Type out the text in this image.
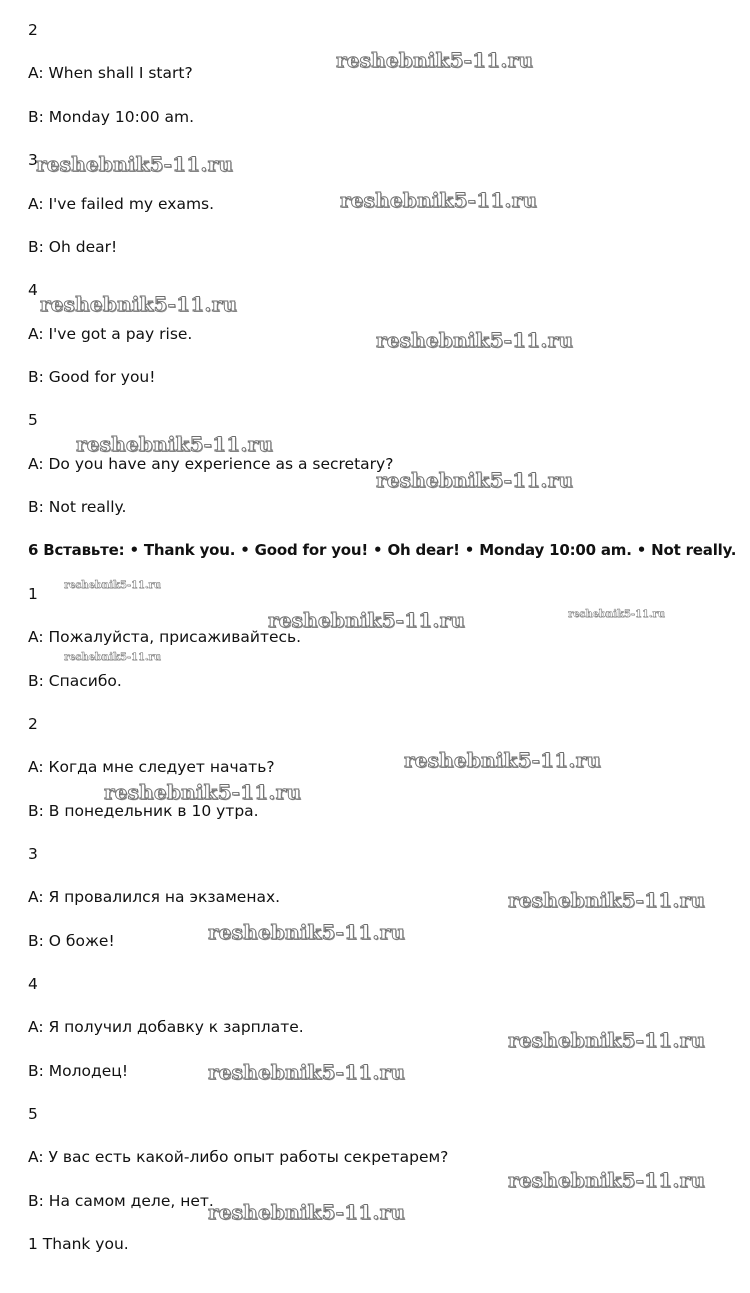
2
A: When shall I start?
B: Monday 10:00 am.
3
A: I've failed my exams.
B: Oh dear!
4
A: I've got a pay rise.
B: Good for you!
5
A: Do you have any experience as a secretary?
B: Not really.
6 Вставьте: • Thank you. • Good for you! • Oh dear! • Monday 10:00 am. • Not really.
1
A: Пожалуйста, присаживайтесь.
B: Спасибо.
2
A: Когда мне следует начать?
B: В понедельник в 10 утра.
3
A: Я провалился на экзаменах.
B: О боже!
4
A: Я получил добавку к зарплате.
B: Молодец!
5
A: У вас есть какой-либо опыт работы секретарем?
B: На самом деле, нет.
1 Thank you.
reshebnik5-11.ru
reshebnik5-11.ru
reshebnik5-11.ru
reshebnik5-11.ru
reshebnik5-11.ru
reshebnik5-11.ru
reshebnik5-11.ru
reshebnik5-11.ru
reshebnik5-11.ru	reshebnik5-11.ru
reshebnik5-11.ru
reshebnik5-11.ru
reshebnik5-11.ru
reshebnik5-11.ru
reshebnik5-11.ru
reshebnik5-11.ru
reshebnik5-11.ru
reshebnik5-11.ru
reshebnik5-11.ru
